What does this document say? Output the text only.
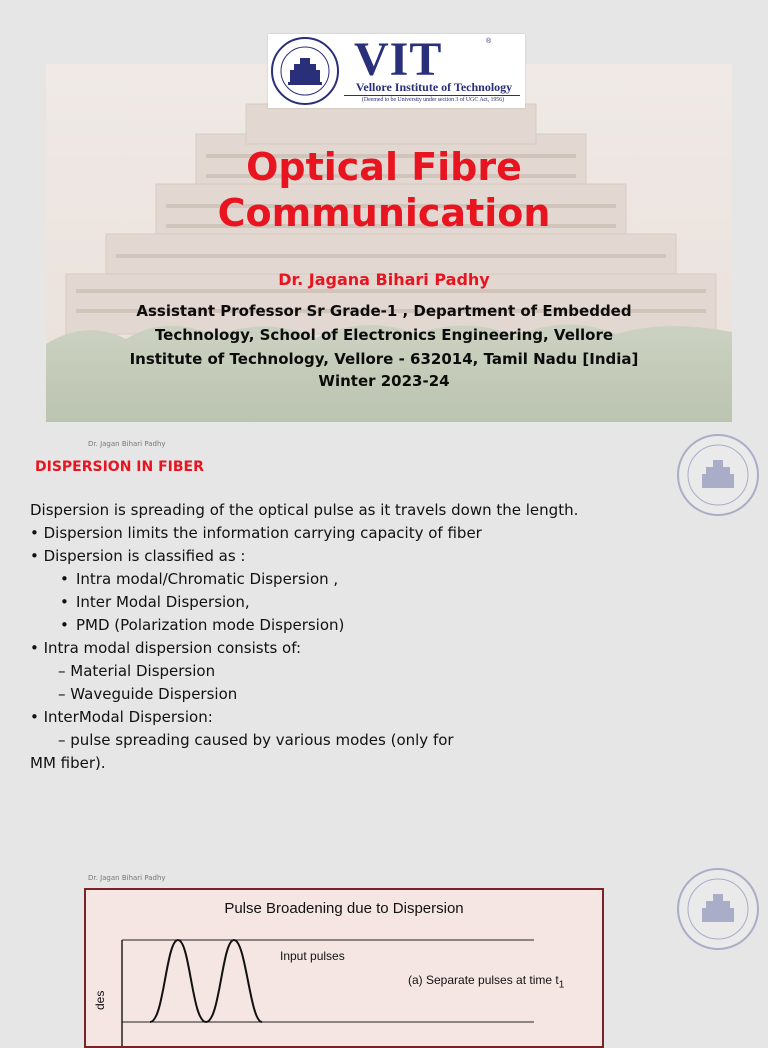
VIT	®
Vellore Institute of Technology
(Deemed to be University under section 3 of UGC Act, 1956)
Optical Fibre
Communication
Dr. Jagana Bihari Padhy
Assistant Professor Sr Grade-1 , Department of Embedded Technology, School of Electronics Engineering, Vellore Institute of Technology, Vellore - 632014, Tamil Nadu [India]
Winter 2023-24
Dr. Jagan Bihari Padhy
DISPERSION IN FIBER
Dispersion is spreading of the optical pulse as it travels down the length.
• Dispersion limits the information carrying capacity of fiber
• Dispersion is classified as :
• Intra modal/Chromatic Dispersion ,
• Inter Modal Dispersion,
• PMD (Polarization mode Dispersion)
• Intra modal dispersion consists of:
– Material Dispersion
– Waveguide Dispersion
• InterModal Dispersion:
– pulse spreading caused by various modes (only for
MM fiber).
Dr. Jagan Bihari Padhy
Pulse Broadening due to Dispersion
Input pulses
(a) Separate pulses at time $t_1$
des
